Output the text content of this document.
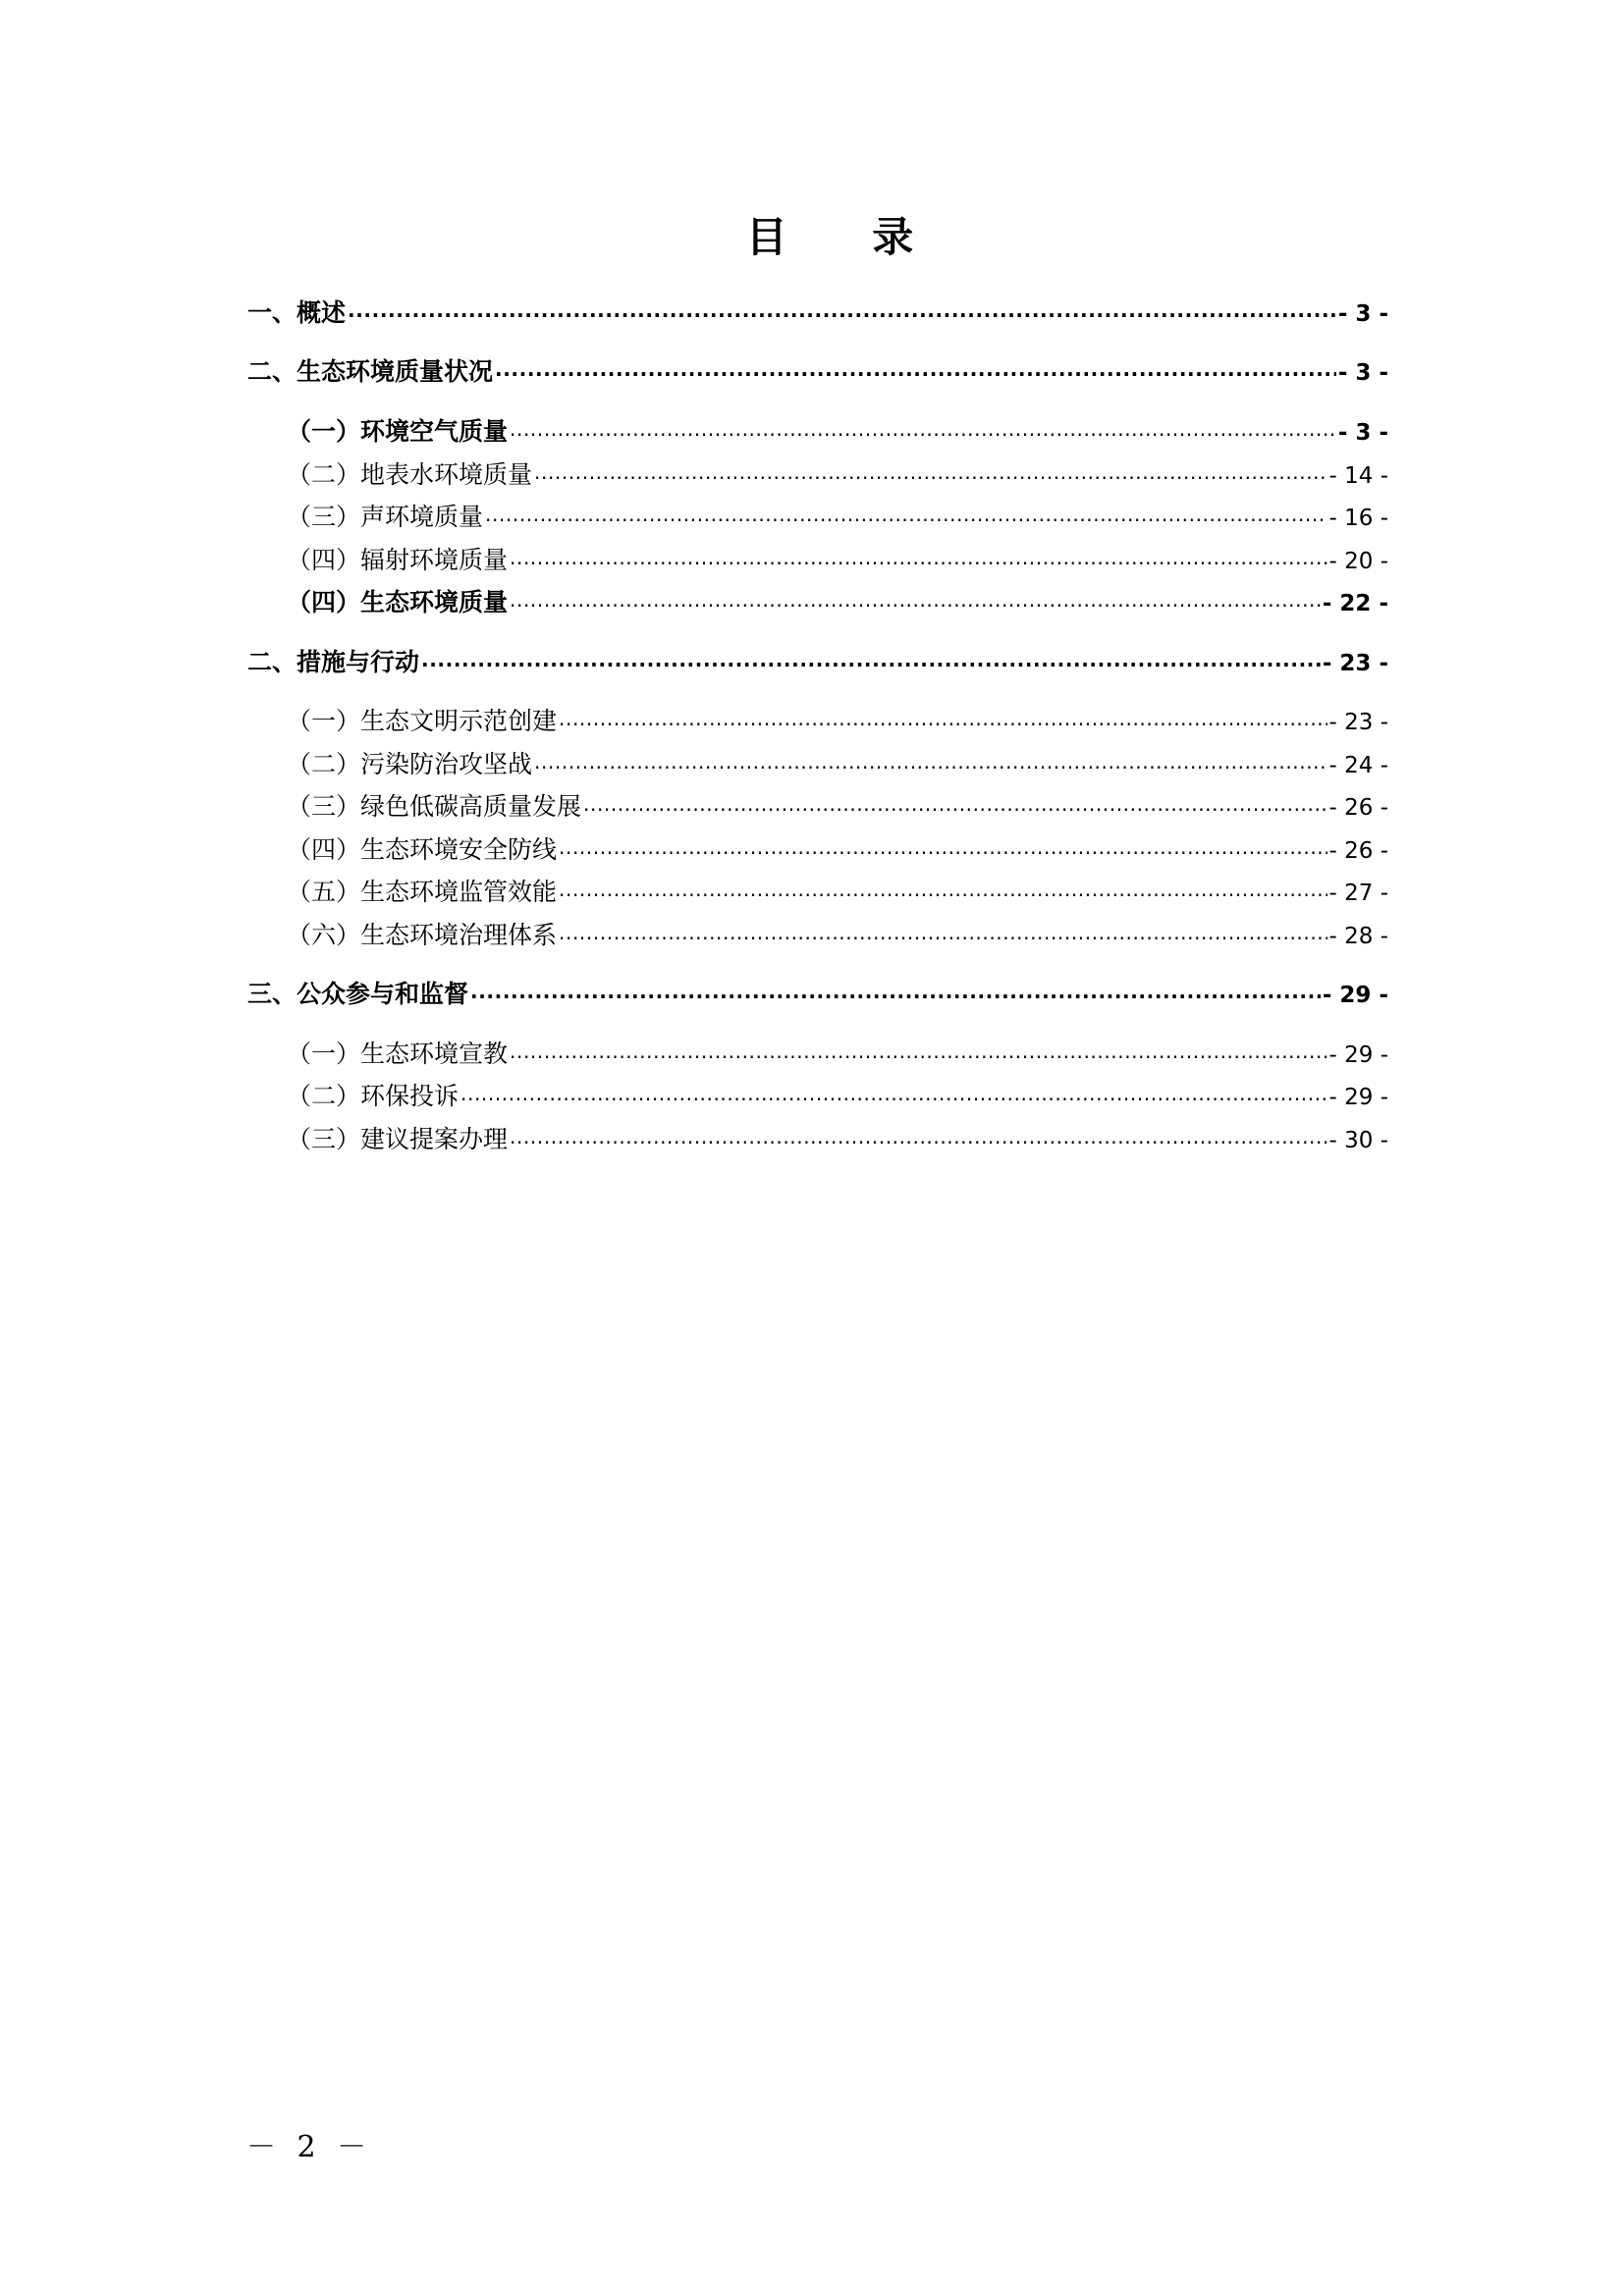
目 录
一、 概述 .....	- 3 -
二、 生态环境质量状况 .....	- 3 -
（一） 环境空气质量 .....	- 3 -
（二） 地表水环境质量 .....	- 14 -
（三） 声环境质量 .....	- 16 -
（四） 辐射环境质量 .....	- 20 -
（四） 生态环境质量 .....	- 22 -
二、 措施与行动 .....	- 23 -
（一） 生态文明示范创建 .....	- 23 -
（二） 污染防治攻坚战 .....	- 24 -
（三） 绿色低碳高质量发展 .....	- 26 -
（四） 生态环境安全防线 .....	- 26 -
（五） 生态环境监管效能 .....	- 27 -
（六） 生态环境治理体系 .....	- 28 -
三、 公众参与和监督 .....	- 29 -
（一） 生态环境宣教 .....	- 29 -
（二） 环保投诉 .....	- 29 -
（三） 建议提案办理 .....	- 30 -
－ 2 －
